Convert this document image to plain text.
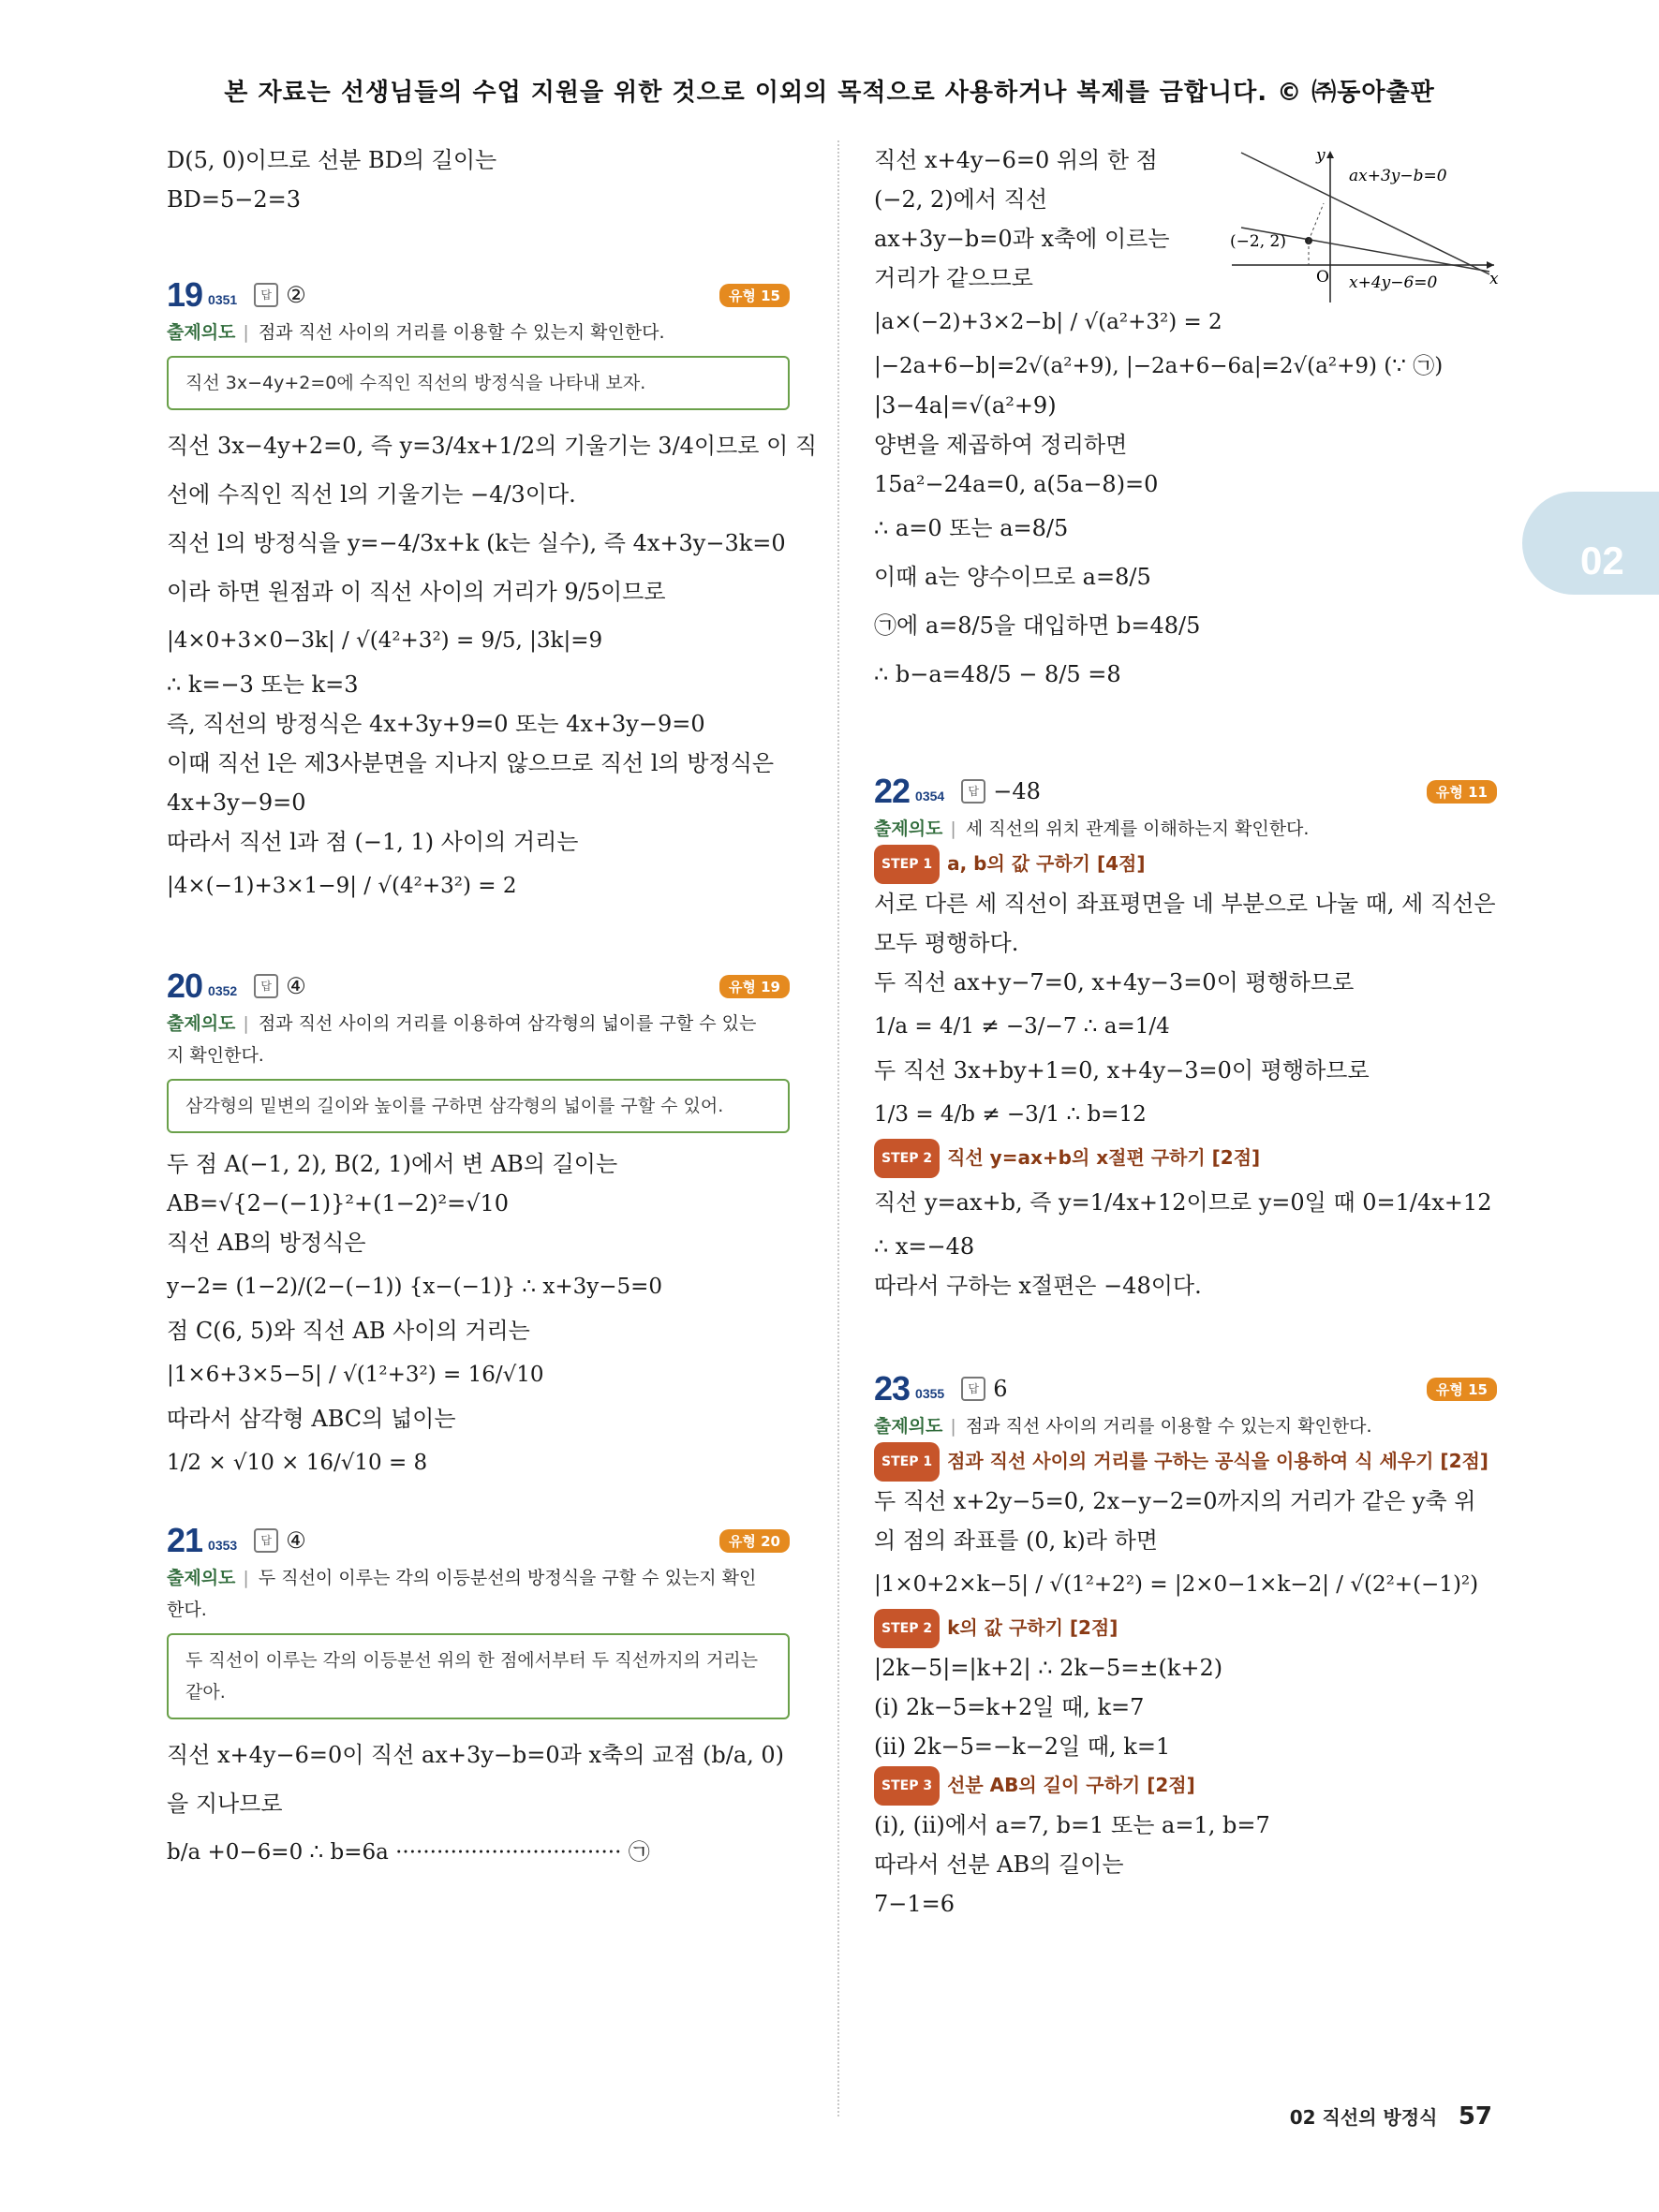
본 자료는 선생님들의 수업 지원을 위한 것으로 이외의 목적으로 사용하거나 복제를 금합니다. © ㈜동아출판
02
D(5, 0)이므로 선분 BD의 길이는
BD=5−2=3
19 0351	답 ②	유형 15
출제의도 | 점과 직선 사이의 거리를 이용할 수 있는지 확인한다.
직선 3x−4y+2=0에 수직인 직선의 방정식을 나타내 보자.
직선 3x−4y+2=0, 즉 y=3/4x+1/2의 기울기는 3/4이므로 이 직
선에 수직인 직선 l의 기울기는 −4/3이다.
직선 l의 방정식을 y=−4/3x+k (k는 실수), 즉 4x+3y−3k=0
이라 하면 원점과 이 직선 사이의 거리가 9/5이므로
|4×0+3×0−3k| / √(4²+3²) = 9/5, |3k|=9
∴ k=−3 또는 k=3
즉, 직선의 방정식은 4x+3y+9=0 또는 4x+3y−9=0
이때 직선 l은 제3사분면을 지나지 않으므로 직선 l의 방정식은
4x+3y−9=0
따라서 직선 l과 점 (−1, 1) 사이의 거리는
|4×(−1)+3×1−9| / √(4²+3²) = 2
20 0352	답 ④	유형 19
출제의도 | 점과 직선 사이의 거리를 이용하여 삼각형의 넓이를 구할 수 있는
지 확인한다.
삼각형의 밑변의 길이와 높이를 구하면 삼각형의 넓이를 구할 수 있어.
두 점 A(−1, 2), B(2, 1)에서 변 AB의 길이는
AB=√{2−(−1)}²+(1−2)²=√10
직선 AB의 방정식은
y−2= (1−2)/(2−(−1)) {x−(−1)} ∴ x+3y−5=0
점 C(6, 5)와 직선 AB 사이의 거리는
|1×6+3×5−5| / √(1²+3²) = 16/√10
따라서 삼각형 ABC의 넓이는
1/2 × √10 × 16/√10 = 8
21 0353	답 ④	유형 20
출제의도 | 두 직선이 이루는 각의 이등분선의 방정식을 구할 수 있는지 확인
한다.
두 직선이 이루는 각의 이등분선 위의 한 점에서부터 두 직선까지의 거리는
같아.
직선 x+4y−6=0이 직선 ax+3y−b=0과 x축의 교점 (b/a, 0)
을 지나므로
b/a +0−6=0 ∴ b=6a ································· ㉠
직선 x+4y−6=0 위의 한 점
(−2, 2)에서 직선
ax+3y−b=0과 x축에 이르는
거리가 같으므로
|a×(−2)+3×2−b| / √(a²+3²) = 2
|−2a+6−b|=2√(a²+9), |−2a+6−6a|=2√(a²+9) (∵ ㉠)
|3−4a|=√(a²+9)
양변을 제곱하여 정리하면
15a²−24a=0, a(5a−8)=0
∴ a=0 또는 a=8/5
이때 a는 양수이므로 a=8/5
㉠에 a=8/5을 대입하면 b=48/5
∴ b−a=48/5 − 8/5 =8
22 0354	답 −48	유형 11
출제의도 | 세 직선의 위치 관계를 이해하는지 확인한다.
STEP 1 a, b의 값 구하기 [4점]
서로 다른 세 직선이 좌표평면을 네 부분으로 나눌 때, 세 직선은
모두 평행하다.
두 직선 ax+y−7=0, x+4y−3=0이 평행하므로
1/a = 4/1 ≠ −3/−7 ∴ a=1/4
두 직선 3x+by+1=0, x+4y−3=0이 평행하므로
1/3 = 4/b ≠ −3/1 ∴ b=12
STEP 2 직선 y=ax+b의 x절편 구하기 [2점]
직선 y=ax+b, 즉 y=1/4x+12이므로 y=0일 때 0=1/4x+12
∴ x=−48
따라서 구하는 x절편은 −48이다.
23 0355	답 6	유형 15
출제의도 | 점과 직선 사이의 거리를 이용할 수 있는지 확인한다.
STEP 1 점과 직선 사이의 거리를 구하는 공식을 이용하여 식 세우기 [2점]
두 직선 x+2y−5=0, 2x−y−2=0까지의 거리가 같은 y축 위
의 점의 좌표를 (0, k)라 하면
|1×0+2×k−5| / √(1²+2²) = |2×0−1×k−2| / √(2²+(−1)²)
STEP 2 k의 값 구하기 [2점]
|2k−5|=|k+2| ∴ 2k−5=±(k+2)
(i) 2k−5=k+2일 때, k=7
(ii) 2k−5=−k−2일 때, k=1
STEP 3 선분 AB의 길이 구하기 [2점]
(i), (ii)에서 a=7, b=1 또는 a=1, b=7
따라서 선분 AB의 길이는
7−1=6
ax+3y−b=0
x+4y−6=0
(−2, 2)
O	x
y
02 직선의 방정식 57
